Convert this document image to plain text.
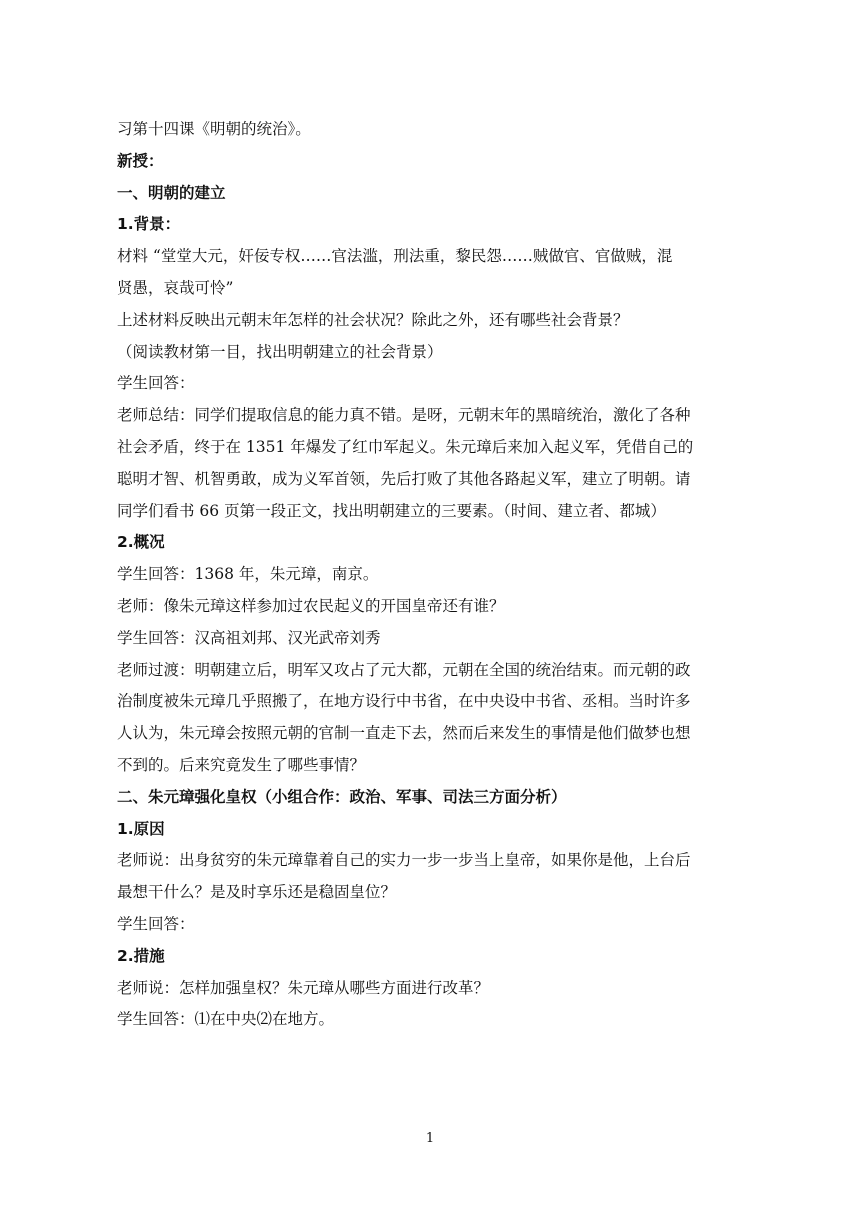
习第十四课《明朝的统治》。
新授：
一、明朝的建立
1.背景：
材料 “堂堂大元，奸佞专权……官法滥，刑法重，黎民怨……贼做官、官做贼，混
贤愚，哀哉可怜”
上述材料反映出元朝末年怎样的社会状况？除此之外，还有哪些社会背景？
（阅读教材第一目，找出明朝建立的社会背景）
学生回答：
老师总结：同学们提取信息的能力真不错。是呀，元朝末年的黑暗统治，激化了各种
社会矛盾，终于在 1351 年爆发了红巾军起义。朱元璋后来加入起义军，凭借自己的
聪明才智、机智勇敢，成为义军首领，先后打败了其他各路起义军，建立了明朝。请
同学们看书 66 页第一段正文，找出明朝建立的三要素。（时间、建立者、都城）
2.概况
学生回答：1368 年，朱元璋，南京。
老师：像朱元璋这样参加过农民起义的开国皇帝还有谁？
学生回答：汉高祖刘邦、汉光武帝刘秀
老师过渡：明朝建立后，明军又攻占了元大都，元朝在全国的统治结束。而元朝的政
治制度被朱元璋几乎照搬了，在地方设行中书省，在中央设中书省、丞相。当时许多
人认为，朱元璋会按照元朝的官制一直走下去，然而后来发生的事情是他们做梦也想
不到的。后来究竟发生了哪些事情？
二、朱元璋强化皇权（小组合作：政治、军事、司法三方面分析）
1.原因
老师说：出身贫穷的朱元璋靠着自己的实力一步一步当上皇帝，如果你是他，上台后
最想干什么？是及时享乐还是稳固皇位？
学生回答：
2.措施
老师说：怎样加强皇权？朱元璋从哪些方面进行改革？
学生回答：⑴在中央⑵在地方。
1
